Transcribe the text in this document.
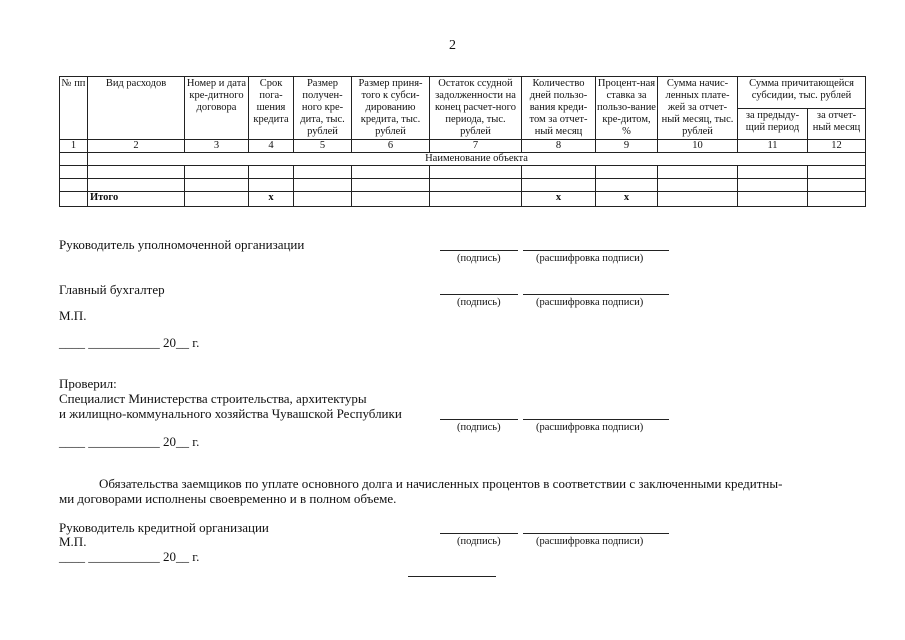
2
№ пп	Вид расходов	Номер и дата кре-дитного договора	Срок пога-шения кредита	Размер получен-ного кре-дита, тыс. рублей	Размер приня-того к субси-дированию кредита, тыс. рублей	Остаток ссудной задолженности на конец расчет-ного периода, тыс. рублей	Количество дней пользо-вания креди-том за отчет-ный месяц	Процент-ная ставка за пользо-вание кре-дитом, %	Сумма начис-ленных плате-жей за отчет-ный месяц, тыс. рублей	Сумма причитающейся субсидии, тыс. рублей	
										за предыду-щий период	за отчет-ный месяц
1	2	3	4	5	6	7	8	9	10	11	12
	Наименование объекта										

	Итого		х				х	х			
Руководитель уполномоченной организации
(подпись)	(расшифровка подписи)
Главный бухгалтер
(подпись)	(расшифровка подписи)
М.П.
____ ___________ 20__ г.
Проверил:
Специалист Министерства строительства, архитектуры
и жилищно-коммунального хозяйства Чувашской Республики
(подпись)	(расшифровка подписи)
____ ___________ 20__ г.
Обязательства заемщиков по уплате основного долга и начисленных процентов в соответствии с заключенными кредитны-
ми договорами исполнены своевременно и в полном объеме.
Руководитель кредитной организации
М.П.	(подпись)	(расшифровка подписи)
____ ___________ 20__ г.
